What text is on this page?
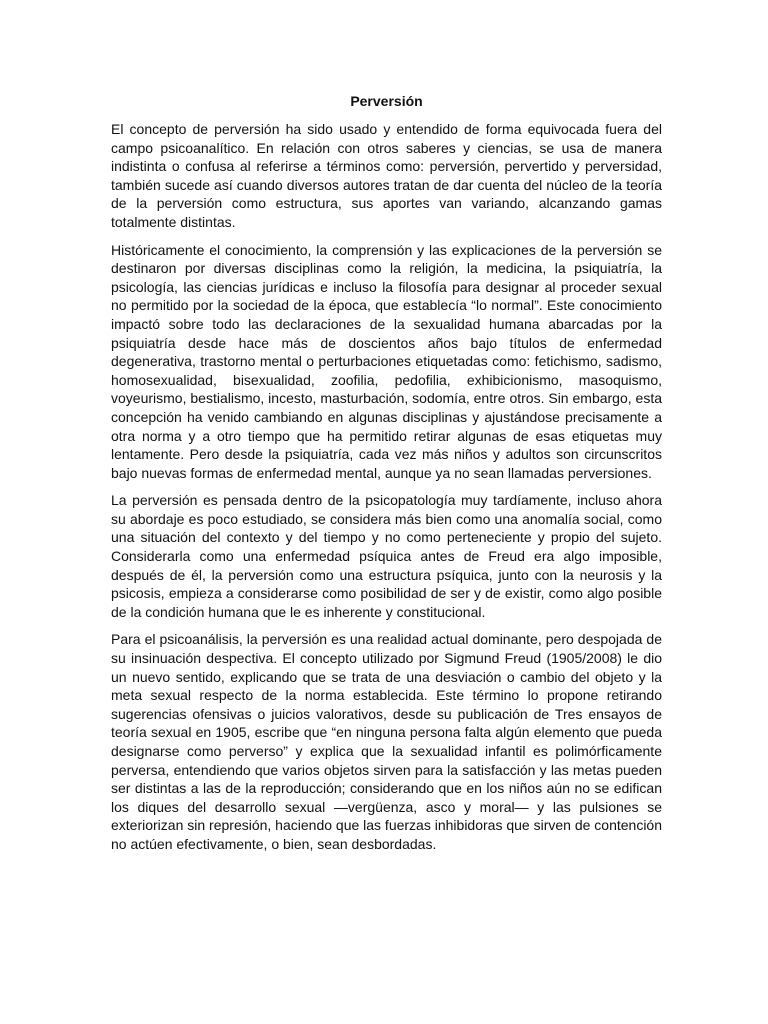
Perversión

El concepto de perversión ha sido usado y entendido de forma equivocada fuera del campo psicoanalítico. En relación con otros saberes y ciencias, se usa de manera indistinta o confusa al referirse a términos como: perversión, pervertido y perversidad, también sucede así cuando diversos autores tratan de dar cuenta del núcleo de la teoría de la perversión como estructura, sus aportes van variando, alcanzando gamas totalmente distintas.

Históricamente el conocimiento, la comprensión y las explicaciones de la perversión se destinaron por diversas disciplinas como la religión, la medicina, la psiquiatría, la psicología, las ciencias jurídicas e incluso la filosofía para designar al proceder sexual no permitido por la sociedad de la época, que establecía “lo normal”. Este conocimiento impactó sobre todo las declaraciones de la sexualidad humana abarcadas por la psiquiatría desde hace más de doscientos años bajo títulos de enfermedad degenerativa, trastorno mental o perturbaciones etiquetadas como: fetichismo, sadismo, homosexualidad, bisexualidad, zoofilia, pedofilia, exhibicionismo, masoquismo, voyeurismo, bestialismo, incesto, masturbación, sodomía, entre otros. Sin embargo, esta concepción ha venido cambiando en algunas disciplinas y ajustándose precisamente a otra norma y a otro tiempo que ha permitido retirar algunas de esas etiquetas muy lentamente. Pero desde la psiquiatría, cada vez más niños y adultos son circunscritos bajo nuevas formas de enfermedad mental, aunque ya no sean llamadas perversiones.

La perversión es pensada dentro de la psicopatología muy tardíamente, incluso ahora su abordaje es poco estudiado, se considera más bien como una anomalía social, como una situación del contexto y del tiempo y no como perteneciente y propio del sujeto. Considerarla como una enfermedad psíquica antes de Freud era algo imposible, después de él, la perversión como una estructura psíquica, junto con la neurosis y la psicosis, empieza a considerarse como posibilidad de ser y de existir, como algo posible de la condición humana que le es inherente y constitucional.

Para el psicoanálisis, la perversión es una realidad actual dominante, pero despojada de su insinuación despectiva. El concepto utilizado por Sigmund Freud (1905/2008) le dio un nuevo sentido, explicando que se trata de una desviación o cambio del objeto y la meta sexual respecto de la norma establecida. Este término lo propone retirando sugerencias ofensivas o juicios valorativos, desde su publicación de Tres ensayos de teoría sexual en 1905, escribe que “en ninguna persona falta algún elemento que pueda designarse como perverso” y explica que la sexualidad infantil es polimórficamente perversa, entendiendo que varios objetos sirven para la satisfacción y las metas pueden ser distintas a las de la reproducción; considerando que en los niños aún no se edifican los diques del desarrollo sexual —vergüenza, asco y moral— y las pulsiones se exteriorizan sin represión, haciendo que las fuerzas inhibidoras que sirven de contención no actúen efectivamente, o bien, sean desbordadas.
